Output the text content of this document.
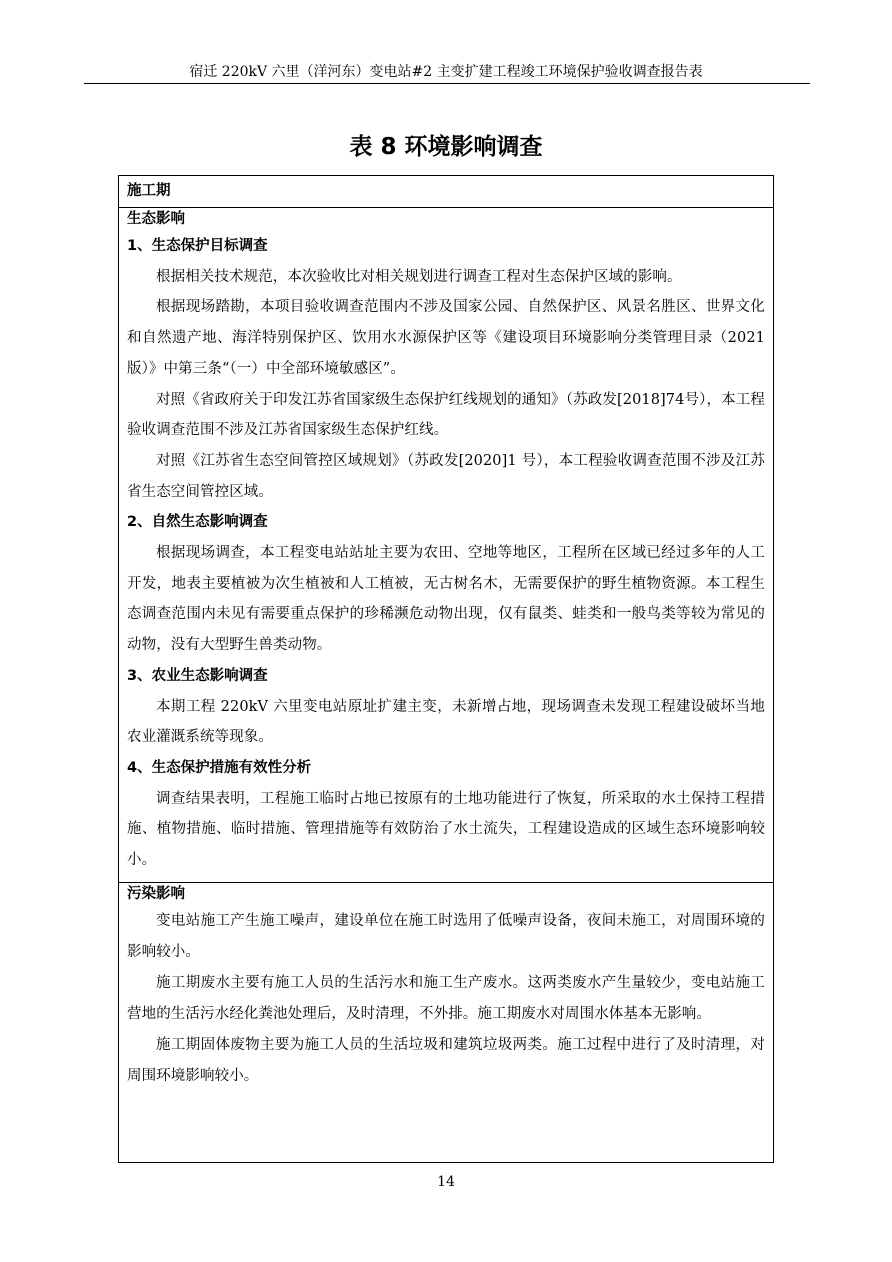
宿迁 220kV 六里（洋河东）变电站#2 主变扩建工程竣工环境保护验收调查报告表
表 8 环境影响调查
施工期
生态影响
1、生态保护目标调查

根据相关技术规范，本次验收比对相关规划进行调查工程对生态保护区域的影响。

根据现场踏勘，本项目验收调查范围内不涉及国家公园、自然保护区、风景名胜区、世界文化和自然遗产地、海洋特别保护区、饮用水水源保护区等《建设项目环境影响分类管理目录（2021版）》中第三条“（一）中全部环境敏感区”。

对照《省政府关于印发江苏省国家级生态保护红线规划的通知》（苏政发[2018]74号），本工程验收调查范围不涉及江苏省国家级生态保护红线。

对照《江苏省生态空间管控区域规划》（苏政发[2020]1 号），本工程验收调查范围不涉及江苏省生态空间管控区域。

2、自然生态影响调查

根据现场调查，本工程变电站站址主要为农田、空地等地区，工程所在区域已经过多年的人工开发，地表主要植被为次生植被和人工植被，无古树名木，无需要保护的野生植物资源。本工程生态调查范围内未见有需要重点保护的珍稀濒危动物出现，仅有鼠类、蛙类和一般鸟类等较为常见的动物，没有大型野生兽类动物。

3、农业生态影响调查

本期工程 220kV 六里变电站原址扩建主变，未新增占地，现场调查未发现工程建设破坏当地农业灌溉系统等现象。

4、生态保护措施有效性分析

调查结果表明，工程施工临时占地已按原有的土地功能进行了恢复，所采取的水土保持工程措施、植物措施、临时措施、管理措施等有效防治了水土流失，工程建设造成的区域生态环境影响较小。

污染影响

变电站施工产生施工噪声，建设单位在施工时选用了低噪声设备，夜间未施工，对周围环境的影响较小。

施工期废水主要有施工人员的生活污水和施工生产废水。这两类废水产生量较少，变电站施工营地的生活污水经化粪池处理后，及时清理，不外排。施工期废水对周围水体基本无影响。

施工期固体废物主要为施工人员的生活垃圾和建筑垃圾两类。施工过程中进行了及时清理，对周围环境影响较小。

14
